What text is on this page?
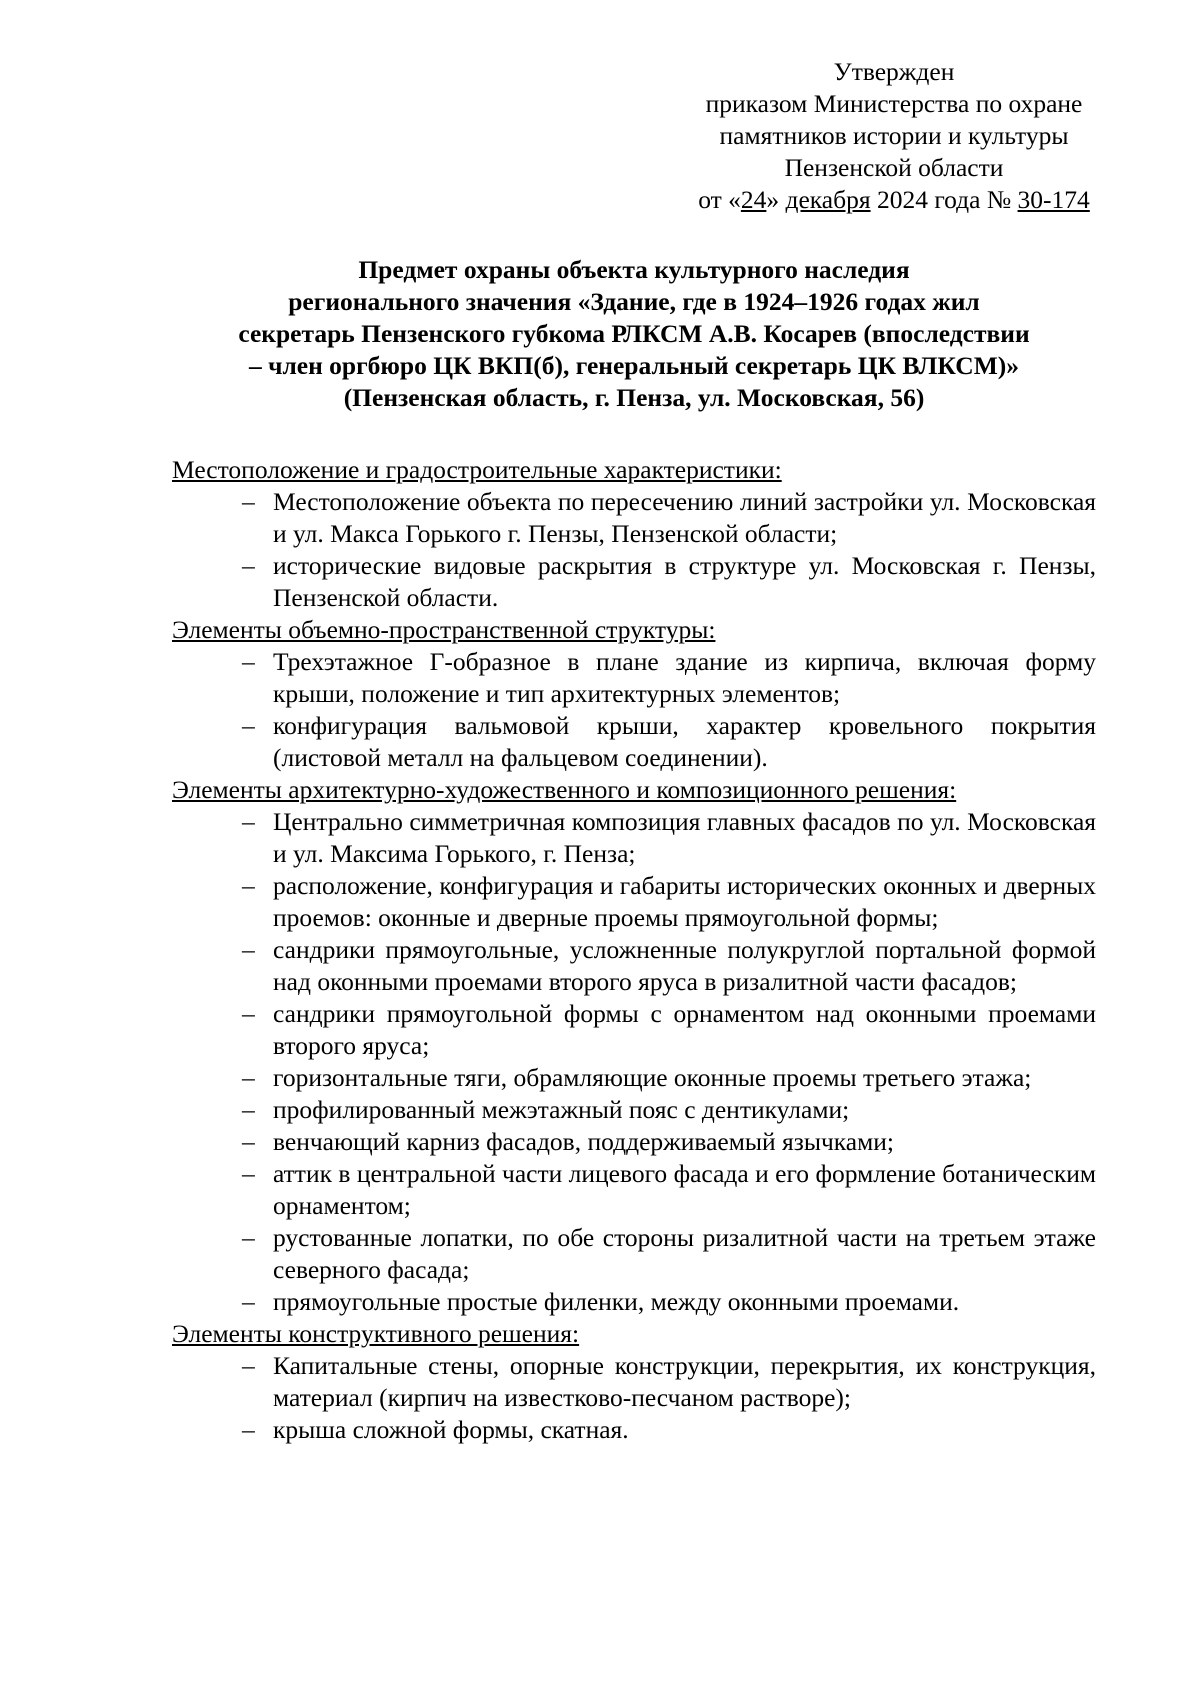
Утвержден
приказом Министерства по охране
памятников истории и культуры
Пензенской области
от «24» декабря 2024 года № 30-174
Предмет охраны объекта культурного наследия
регионального значения «Здание, где в 1924–1926 годах жил
секретарь Пензенского губкома РЛКСМ А.В. Косарев (впоследствии
– член оргбюро ЦК ВКП(б), генеральный секретарь ЦК ВЛКСМ)»
(Пензенская область, г. Пенза, ул. Московская, 56)
Местоположение и градостроительные характеристики:
– Местоположение объекта по пересечению линий застройки ул. Московская и ул. Макса Горького г. Пензы, Пензенской области;
– исторические видовые раскрытия в структуре ул. Московская г. Пензы, Пензенской области.
Элементы объемно-пространственной структуры:
– Трехэтажное Г-образное в плане здание из кирпича, включая форму крыши, положение и тип архитектурных элементов;
– конфигурация вальмовой крыши, характер кровельного покрытия (листовой металл на фальцевом соединении).
Элементы архитектурно-художественного и композиционного решения:
– Центрально симметричная композиция главных фасадов по ул. Московская и ул. Максима Горького, г. Пенза;
– расположение, конфигурация и габариты исторических оконных и дверных проемов: оконные и дверные проемы прямоугольной формы;
– сандрики прямоугольные, усложненные полукруглой портальной формой над оконными проемами второго яруса в ризалитной части фасадов;
– сандрики прямоугольной формы с орнаментом над оконными проемами второго яруса;
– горизонтальные тяги, обрамляющие оконные проемы третьего этажа;
– профилированный межэтажный пояс с дентикулами;
– венчающий карниз фасадов, поддерживаемый язычками;
– аттик в центральной части лицевого фасада и его формление ботаническим орнаментом;
– рустованные лопатки, по обе стороны ризалитной части на третьем этаже северного фасада;
– прямоугольные простые филенки, между оконными проемами.
Элементы конструктивного решения:
– Капитальные стены, опорные конструкции, перекрытия, их конструкция, материал (кирпич на известково-песчаном растворе);
– крыша сложной формы, скатная.
